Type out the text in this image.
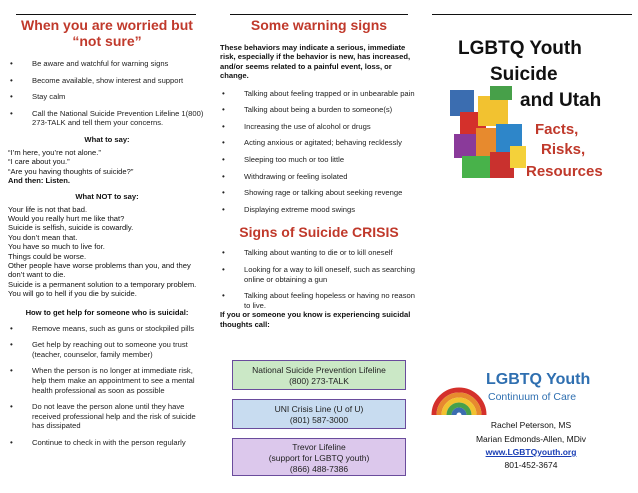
When you are worried but “not sure”
• Be aware and watchful for warning signs
• Become available, show interest and support
• Stay calm
• Call the National Suicide Prevention Lifeline 1(800) 273-TALK and tell them your concerns.
What to say:

“I’m here, you’re not alone.”

“I care about you.”

“Are you having thoughts of suicide?”

And then: Listen.

What NOT to say:

Your life is not that bad.

Would you really hurt me like that?

Suicide is selfish, suicide is cowardly.

You don’t mean that.

You have so much to live for.

Things could be worse.

Other people have worse problems than you, and they don’t want to die.

Suicide is a permanent solution to a temporary problem.

You will go to hell if you die by suicide.

How to get help for someone who is suicidal:
• Remove means, such as guns or stockpiled pills
• Get help by reaching out to someone you trust (teacher, counselor, family member)
• When the person is no longer at immediate risk, help them make an appointment to see a mental health professional as soon as possible
• Do not leave the person alone until they have received professional help and the risk of suicide has dissipated
• Continue to check in with the person regularly
Some warning signs

These behaviors may indicate a serious, immediate risk, especially if the behavior is new, has increased, and/or seems related to a painful event, loss, or change.

• Talking about feeling trapped or in unbearable pain
• Talking about being a burden to someone(s)
• Increasing the use of alcohol or drugs
• Acting anxious or agitated; behaving recklessly
• Sleeping too much or too little
• Withdrawing or feeling isolated
• Showing rage or talking about seeking revenge
• Displaying extreme mood swings
Signs of Suicide CRISIS
• Talking about wanting to die or to kill oneself
• Looking for a way to kill oneself, such as searching online or obtaining a gun
• Talking about feeling hopeless or having no reason to live.

If you or someone you know is experiencing suicidal thoughts call:

National Suicide Prevention Lifeline
(800) 273-TALK
UNI Crisis Line (U of U)
(801) 587-3000
Trevor Lifeline
(support for LGBTQ youth)
(866) 488-7386
LGBTQ Youth
Suicide
and Utah
Facts,
Risks,
Resources
LGBTQ Youth
Continuum of Care
Rachel Peterson, MS
Marian Edmonds-Allen, MDiv
www.LGBTQyouth.org
801-452-3674
